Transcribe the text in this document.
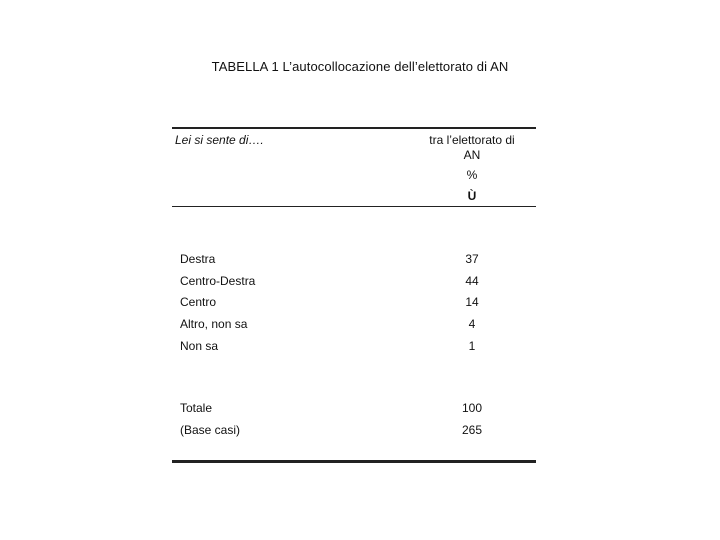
TABELLA 1 L’autocollocazione dell’elettorato di AN
Lei si sente di….	tra l’elettorato di
AN
%
Ù
Destra	37
Centro-Destra	44
Centro	14
Altro, non sa	4
Non sa	1
Totale	100
(Base casi)	265
